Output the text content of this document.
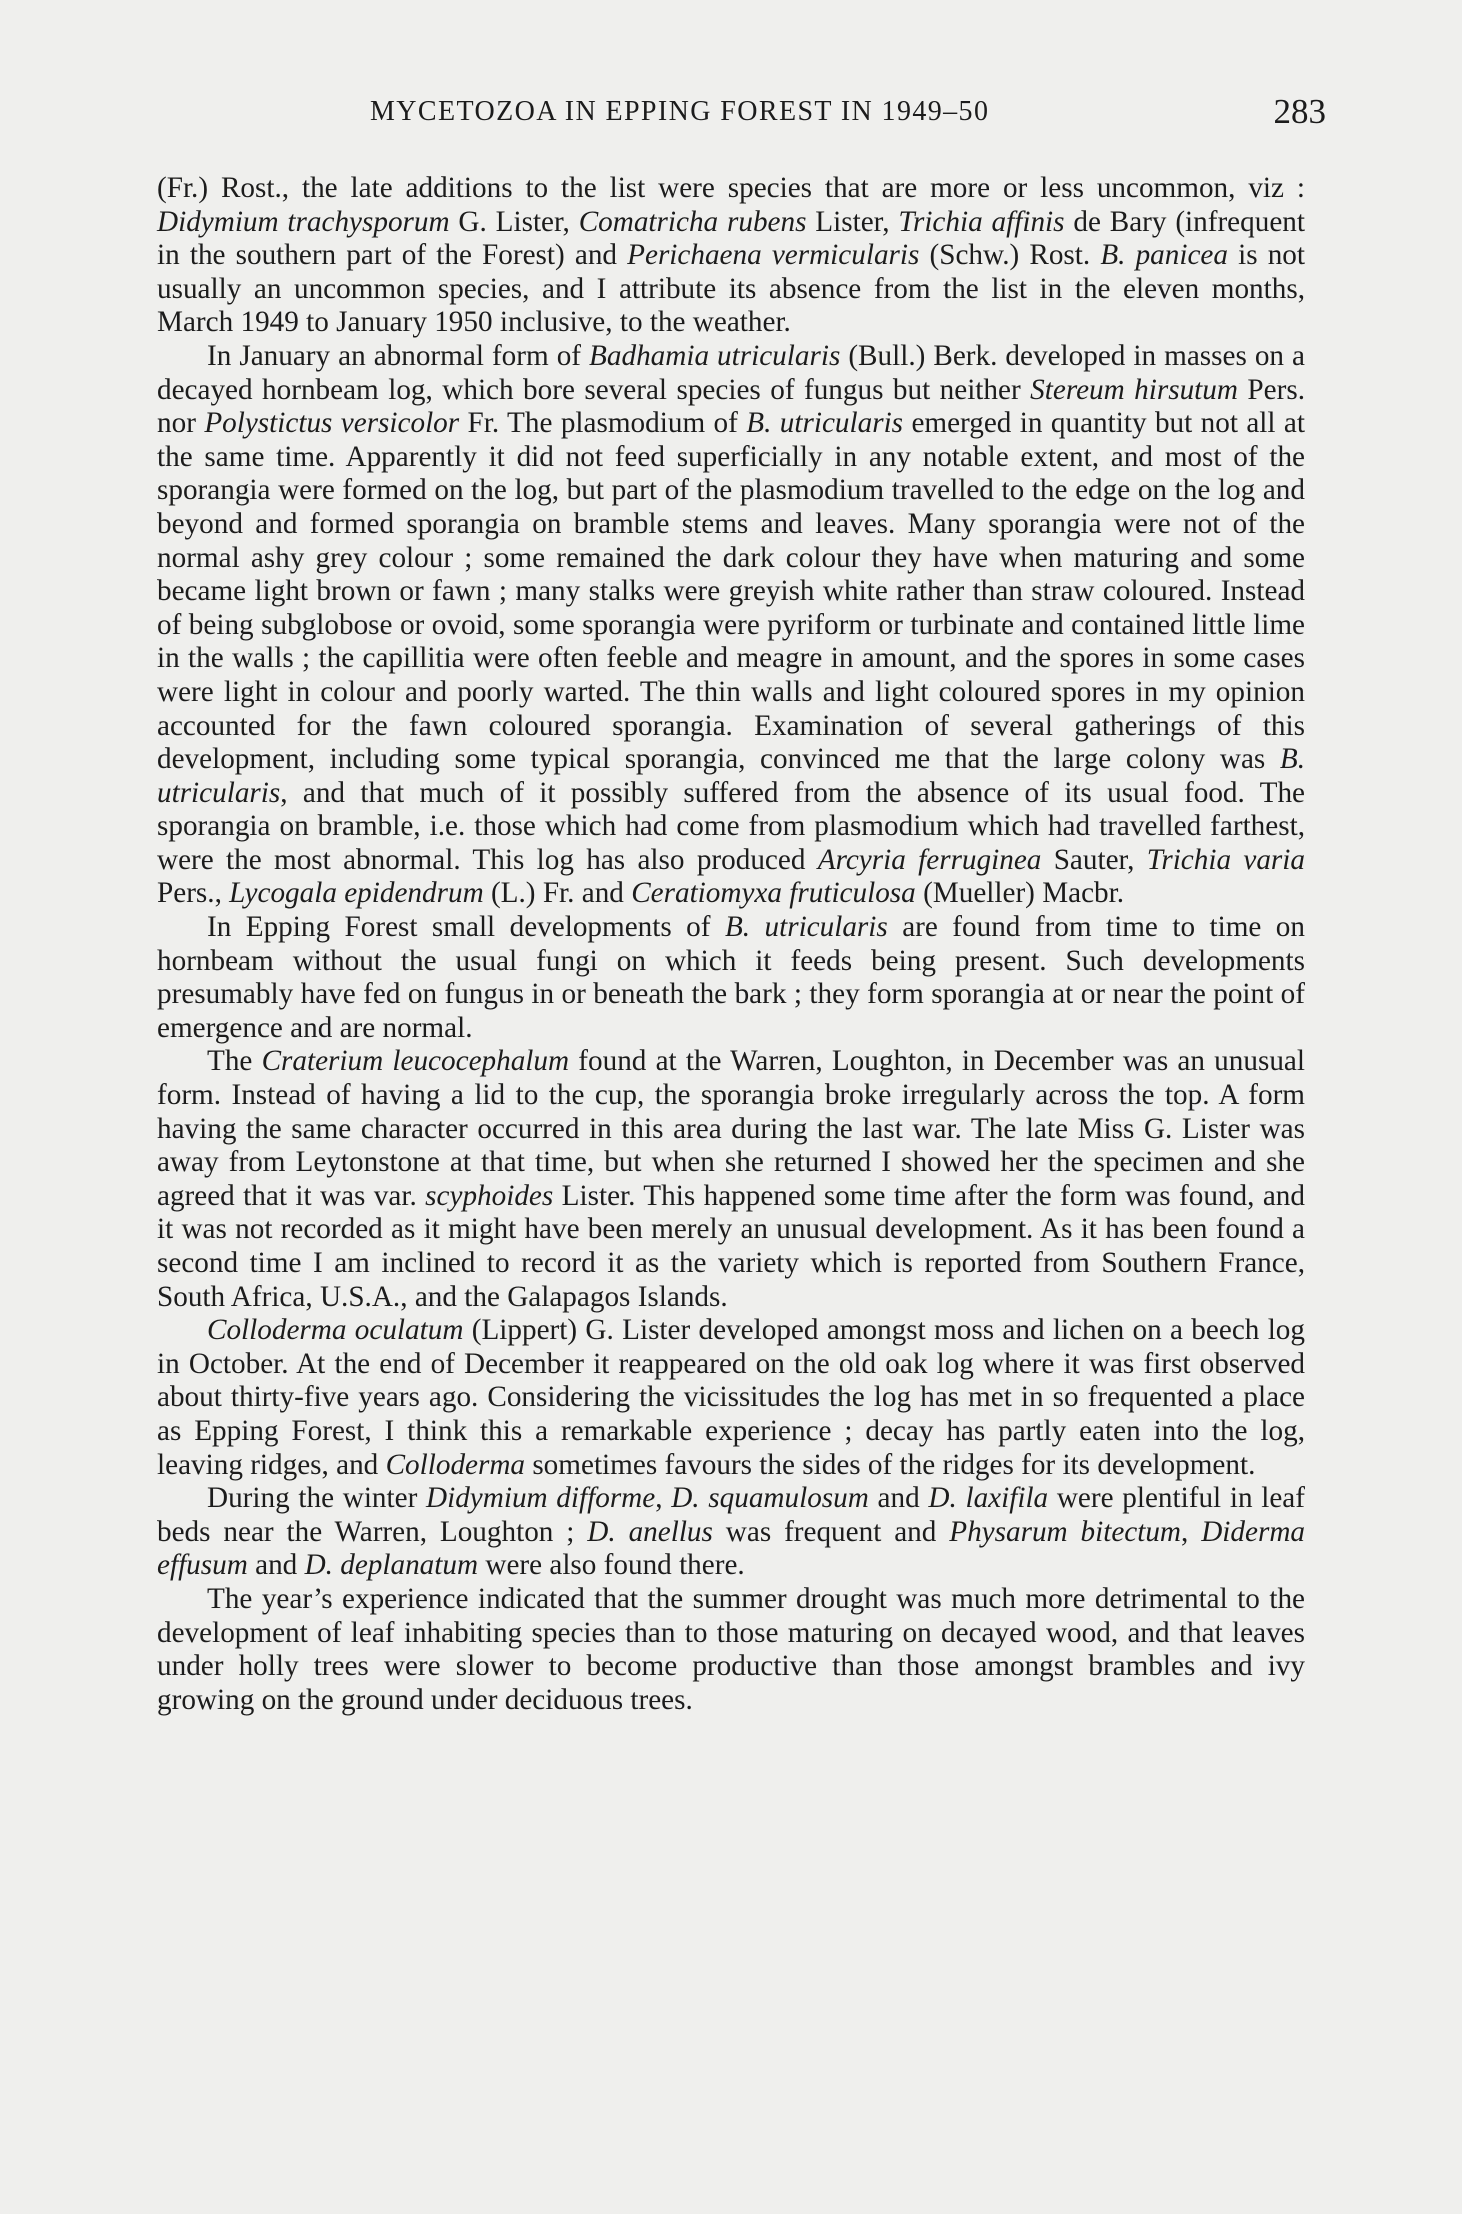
MYCETOZOA IN EPPING FOREST IN 1949–50	283

(Fr.) Rost., the late additions to the list were species that are more or less uncommon, viz : Didymium trachysporum G. Lister, Comatricha rubens Lister, Trichia affinis de Bary (infrequent in the southern part of the Forest) and Perichaena vermicularis (Schw.) Rost. B. panicea is not usually an uncommon species, and I attribute its absence from the list in the eleven months, March 1949 to January 1950 inclusive, to the weather.

In January an abnormal form of Badhamia utricularis (Bull.) Berk. developed in masses on a decayed hornbeam log, which bore several species of fungus but neither Stereum hirsutum Pers. nor Polystictus versicolor Fr. The plasmodium of B. utricularis emerged in quantity but not all at the same time. Apparently it did not feed superficially in any notable extent, and most of the sporangia were formed on the log, but part of the plasmodium travelled to the edge on the log and beyond and formed sporangia on bramble stems and leaves. Many sporangia were not of the normal ashy grey colour ; some remained the dark colour they have when maturing and some became light brown or fawn ; many stalks were greyish white rather than straw coloured. Instead of being subglobose or ovoid, some sporangia were pyriform or turbinate and contained little lime in the walls ; the capillitia were often feeble and meagre in amount, and the spores in some cases were light in colour and poorly warted. The thin walls and light coloured spores in my opinion accounted for the fawn coloured sporangia. Examination of several gatherings of this development, including some typical sporangia, convinced me that the large colony was B. utricularis, and that much of it possibly suffered from the absence of its usual food. The sporangia on bramble, i.e. those which had come from plasmodium which had travelled farthest, were the most abnormal. This log has also produced Arcyria ferruginea Sauter, Trichia varia Pers., Lycogala epidendrum (L.) Fr. and Ceratiomyxa fruticulosa (Mueller) Macbr.

In Epping Forest small developments of B. utricularis are found from time to time on hornbeam without the usual fungi on which it feeds being present. Such developments presumably have fed on fungus in or beneath the bark ; they form sporangia at or near the point of emergence and are normal.

The Craterium leucocephalum found at the Warren, Loughton, in December was an unusual form. Instead of having a lid to the cup, the sporangia broke irregularly across the top. A form having the same character occurred in this area during the last war. The late Miss G. Lister was away from Leytonstone at that time, but when she returned I showed her the specimen and she agreed that it was var. scyphoides Lister. This happened some time after the form was found, and it was not recorded as it might have been merely an unusual development. As it has been found a second time I am inclined to record it as the variety which is reported from Southern France, South Africa, U.S.A., and the Galapagos Islands.

Colloderma oculatum (Lippert) G. Lister developed amongst moss and lichen on a beech log in October. At the end of December it reappeared on the old oak log where it was first observed about thirty-five years ago. Considering the vicissitudes the log has met in so frequented a place as Epping Forest, I think this a remarkable experience ; decay has partly eaten into the log, leaving ridges, and Colloderma sometimes favours the sides of the ridges for its development.

During the winter Didymium difforme, D. squamulosum and D. laxifila were plentiful in leaf beds near the Warren, Loughton ; D. anellus was frequent and Physarum bitectum, Diderma effusum and D. deplanatum were also found there.

The year’s experience indicated that the summer drought was much more detrimental to the development of leaf inhabiting species than to those maturing on decayed wood, and that leaves under holly trees were slower to become productive than those amongst brambles and ivy growing on the ground under deciduous trees.
